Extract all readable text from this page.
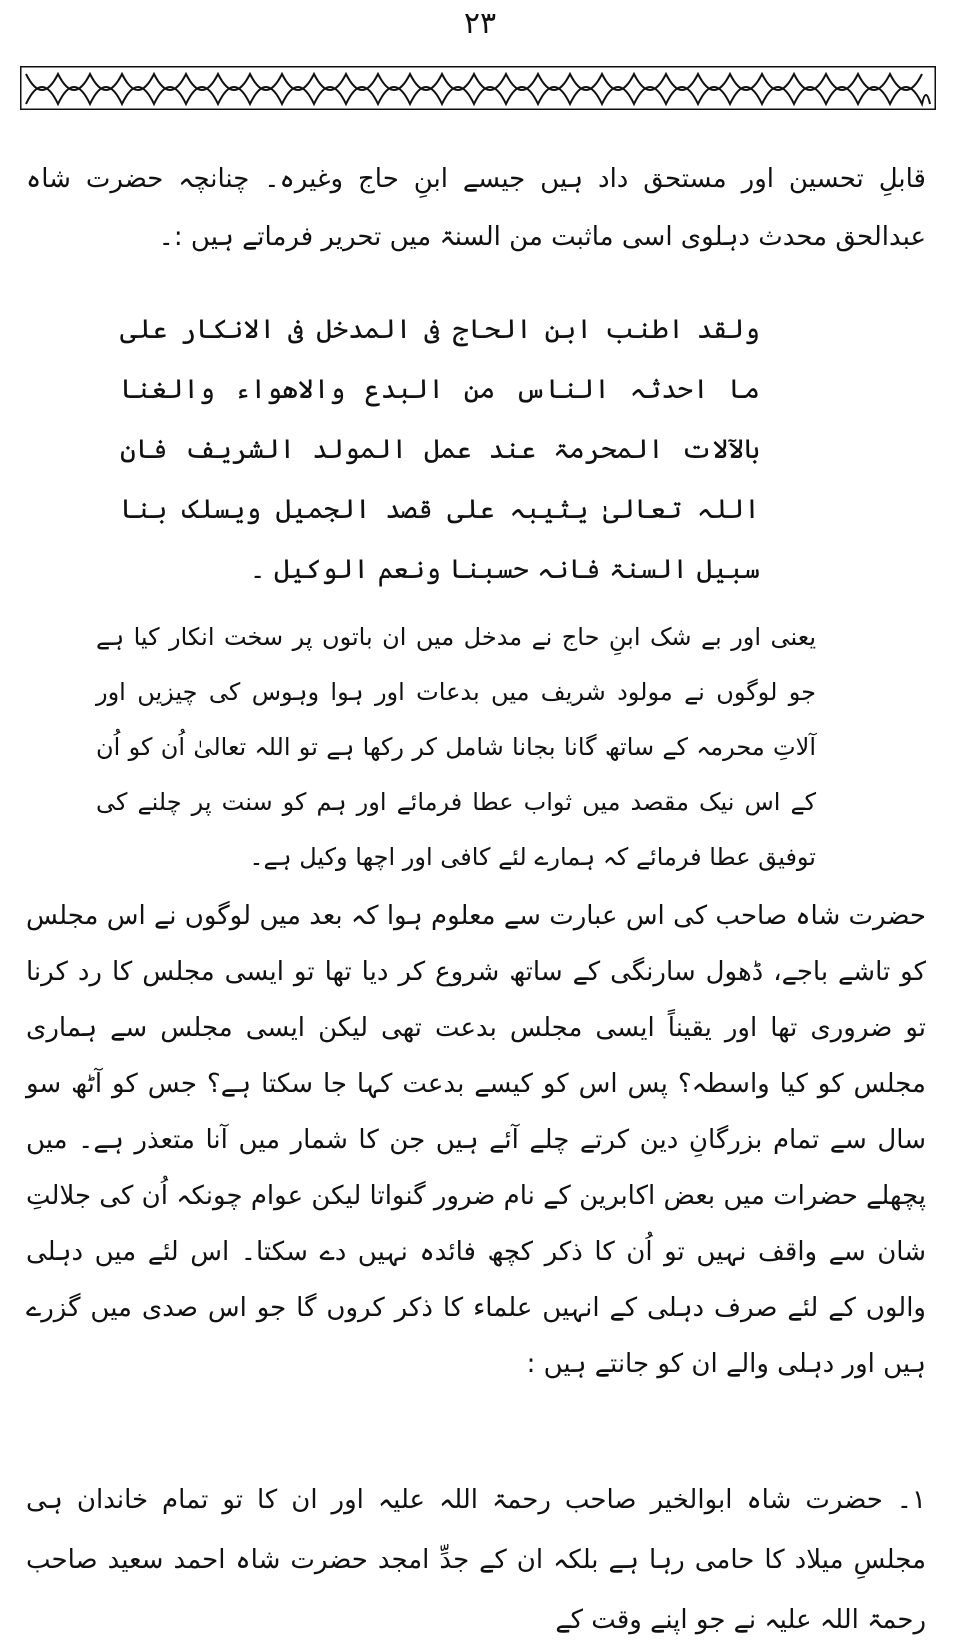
۲۳
قابلِ تحسین اور مستحق داد ہیں جیسے ابنِ حاج وغیرہ۔ چنانچہ حضرت شاہ عبدالحق محدث دہلوی اسی ماثبت من السنۃ میں تحریر فرماتے ہیں :۔
ولقد اطنب ابن الحاج فی المدخل فی الانکار علی ما احدثہ الناس من البدع والاھواء والغنا بالآلات المحرمۃ عند عمل المولد الشریف فان اللہ تعالیٰ یثیبہ علی قصد الجمیل ویسلک بنا سبیل السنۃ فانہ حسبنا ونعم الوکیل ۔
یعنی اور بے شک ابنِ حاج نے مدخل میں ان باتوں پر سخت انکار کیا ہے جو لوگوں نے مولود شریف میں بدعات اور ہوا وہوس کی چیزیں اور آلاتِ محرمہ کے ساتھ گانا بجانا شامل کر رکھا ہے تو اللہ تعالیٰ اُن کو اُن کے اس نیک مقصد میں ثواب عطا فرمائے اور ہم کو سنت پر چلنے کی توفیق عطا فرمائے کہ ہمارے لئے کافی اور اچھا وکیل ہے۔
حضرت شاہ صاحب کی اس عبارت سے معلوم ہوا کہ بعد میں لوگوں نے اس مجلس کو تاشے باجے، ڈھول سارنگی کے ساتھ شروع کر دیا تھا تو ایسی مجلس کا رد کرنا تو ضروری تھا اور یقیناً ایسی مجلس بدعت تھی لیکن ایسی مجلس سے ہماری مجلس کو کیا واسطہ؟ پس اس کو کیسے بدعت کہا جا سکتا ہے؟ جس کو آٹھ سو سال سے تمام بزرگانِ دین کرتے چلے آئے ہیں جن کا شمار میں آنا متعذر ہے۔ میں پچھلے حضرات میں بعض اکابرین کے نام ضرور گنواتا لیکن عوام چونکہ اُن کی جلالتِ شان سے واقف نہیں تو اُن کا ذکر کچھ فائدہ نہیں دے سکتا۔ اس لئے میں دہلی والوں کے لئے صرف دہلی کے انہیں علماء کا ذکر کروں گا جو اس صدی میں گزرے ہیں اور دہلی والے ان کو جانتے ہیں :
۱۔ حضرت شاہ ابوالخیر صاحب رحمۃ اللہ علیہ اور ان کا تو تمام خاندان ہی مجلسِ میلاد کا حامی رہا ہے بلکہ ان کے جدِّ امجد حضرت شاہ احمد سعید صاحب رحمۃ اللہ علیہ نے جو اپنے وقت کے
